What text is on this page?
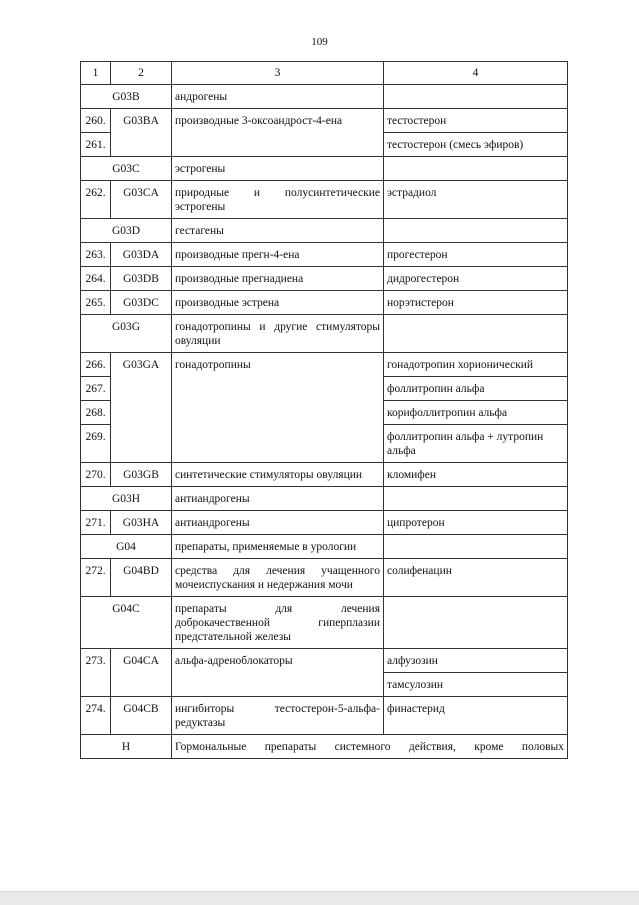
109
1	2	3	4
G03B		андрогены	
260.	G03BA	производные 3-оксоандрост-4-ена	тестостерон
261.			тестостерон (смесь эфиров)
G03C		эстрогены	
262.	G03CA	природные и полусинтетические эстрогены	эстрадиол
G03D		гестагены	
263.	G03DA	производные прегн-4-ена	прогестерон
264.	G03DB	производные прегнадиена	дидрогестерон
265.	G03DC	производные эстрена	норэтистерон
G03G		гонадотропины и другие стимуляторы овуляции	
266.	G03GA	гонадотропины	гонадотропин хорионический
267.			фоллитропин альфа
268.			корифоллитропин альфа
269.			фоллитропин альфа + лутропин альфа
270.	G03GB	синтетические стимуляторы овуляции	кломифен
G03H		антиандрогены	
271.	G03HA	антиандрогены	ципротерон
G04		препараты, применяемые в урологии	
272.	G04BD	средства для лечения учащенного мочеиспускания и недержания мочи	солифенацин
G04C		препараты для лечения доброкачественной гиперплазии предстательной железы	
273.	G04CA	альфа-адреноблокаторы	алфузозин
			тамсулозин
274.	G04CB	ингибиторы тестостерон-5-альфа-редуктазы	финастерид
H		Гормональные препараты системного действия, кроме половых	
